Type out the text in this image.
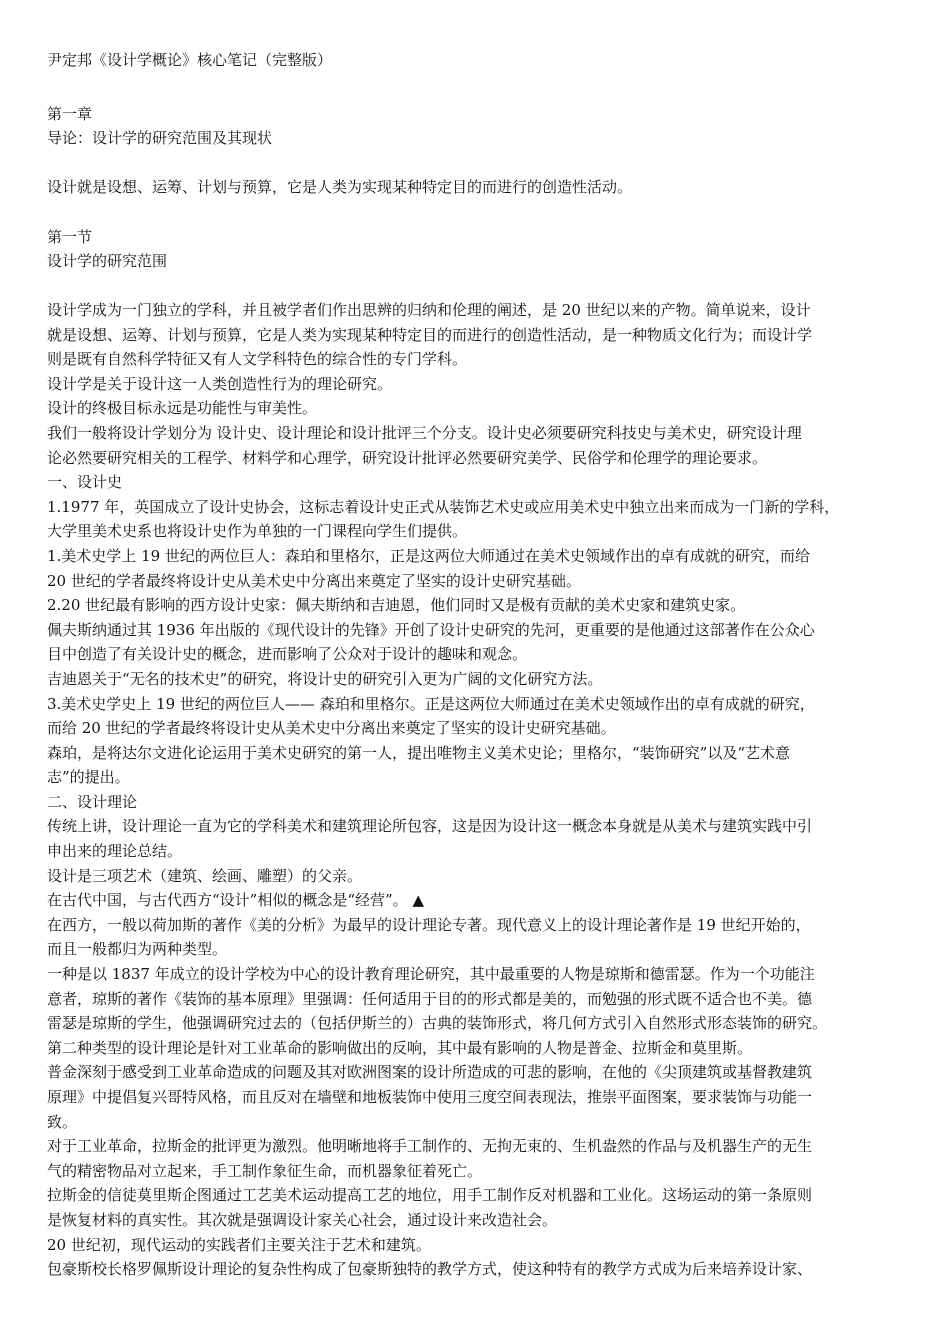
尹定邦《设计学概论》核心笔记（完整版）

第一章

导论：设计学的研究范围及其现状

设计就是设想、运筹、计划与预算，它是人类为实现某种特定目的而进行的创造性活动。

第一节

设计学的研究范围

设计学成为一门独立的学科，并且被学者们作出思辨的归纳和伦理的阐述，是 20 世纪以来的产物。简单说来，设计

就是设想、运筹、计划与预算，它是人类为实现某种特定目的而进行的创造性活动，是一种物质文化行为；而设计学

则是既有自然科学特征又有人文学科特色的综合性的专门学科。

设计学是关于设计这一人类创造性行为的理论研究。

设计的终极目标永远是功能性与审美性。

我们一般将设计学划分为 设计史、设计理论和设计批评三个分支。设计史必须要研究科技史与美术史，研究设计理

论必然要研究相关的工程学、材料学和心理学，研究设计批评必然要研究美学、民俗学和伦理学的理论要求。

一、设计史

1.1977 年，英国成立了设计史协会，这标志着设计史正式从装饰艺术史或应用美术史中独立出来而成为一门新的学科，

大学里美术史系也将设计史作为单独的一门课程向学生们提供。

1.美术史学上 19 世纪的两位巨人：森珀和里格尔，正是这两位大师通过在美术史领域作出的卓有成就的研究，而给

20 世纪的学者最终将设计史从美术史中分离出来奠定了坚实的设计史研究基础。

2.20 世纪最有影响的西方设计史家：佩夫斯纳和吉迪恩，他们同时又是极有贡献的美术史家和建筑史家。

佩夫斯纳通过其 1936 年出版的《现代设计的先锋》开创了设计史研究的先河，更重要的是他通过这部著作在公众心

目中创造了有关设计史的概念，进而影响了公众对于设计的趣味和观念。

吉迪恩关于“无名的技术史”的研究，将设计史的研究引入更为广阔的文化研究方法。

3.美术史学史上 19 世纪的两位巨人—— 森珀和里格尔。正是这两位大师通过在美术史领域作出的卓有成就的研究，

而给 20 世纪的学者最终将设计史从美术史中分离出来奠定了坚实的设计史研究基础。

森珀，是将达尔文进化论运用于美术史研究的第一人，提出唯物主义美术史论；里格尔，“装饰研究”以及“艺术意

志”的提出。

二、设计理论

传统上讲，设计理论一直为它的学科美术和建筑理论所包容，这是因为设计这一概念本身就是从美术与建筑实践中引

申出来的理论总结。

设计是三项艺术（建筑、绘画、雕塑）的父亲。

在古代中国，与古代西方“设计”相似的概念是“经营”。 ▲

在西方，一般以荷加斯的著作《美的分析》为最早的设计理论专著。现代意义上的设计理论著作是 19 世纪开始的，

而且一般都归为两种类型。

一种是以 1837 年成立的设计学校为中心的设计教育理论研究，其中最重要的人物是琼斯和德雷瑟。作为一个功能注

意者，琼斯的著作《装饰的基本原理》里强调：任何适用于目的的形式都是美的，而勉强的形式既不适合也不美。德

雷瑟是琼斯的学生，他强调研究过去的（包括伊斯兰的）古典的装饰形式，将几何方式引入自然形式形态装饰的研究。

第二种类型的设计理论是针对工业革命的影响做出的反响，其中最有影响的人物是普金、拉斯金和莫里斯。

普金深刻于感受到工业革命造成的问题及其对欧洲图案的设计所造成的可悲的影响，在他的《尖顶建筑或基督教建筑

原理》中提倡复兴哥特风格，而且反对在墙壁和地板装饰中使用三度空间表现法，推崇平面图案，要求装饰与功能一

致。

对于工业革命，拉斯金的批评更为激烈。他明晰地将手工制作的、无拘无束的、生机盎然的作品与及机器生产的无生

气的精密物品对立起来，手工制作象征生命，而机器象征着死亡。

拉斯金的信徒莫里斯企图通过工艺美术运动提高工艺的地位，用手工制作反对机器和工业化。这场运动的第一条原则

是恢复材料的真实性。其次就是强调设计家关心社会，通过设计来改造社会。

20 世纪初，现代运动的实践者们主要关注于艺术和建筑。

包豪斯校长格罗佩斯设计理论的复杂性构成了包豪斯独特的教学方式，使这种特有的教学方式成为后来培养设计家、
